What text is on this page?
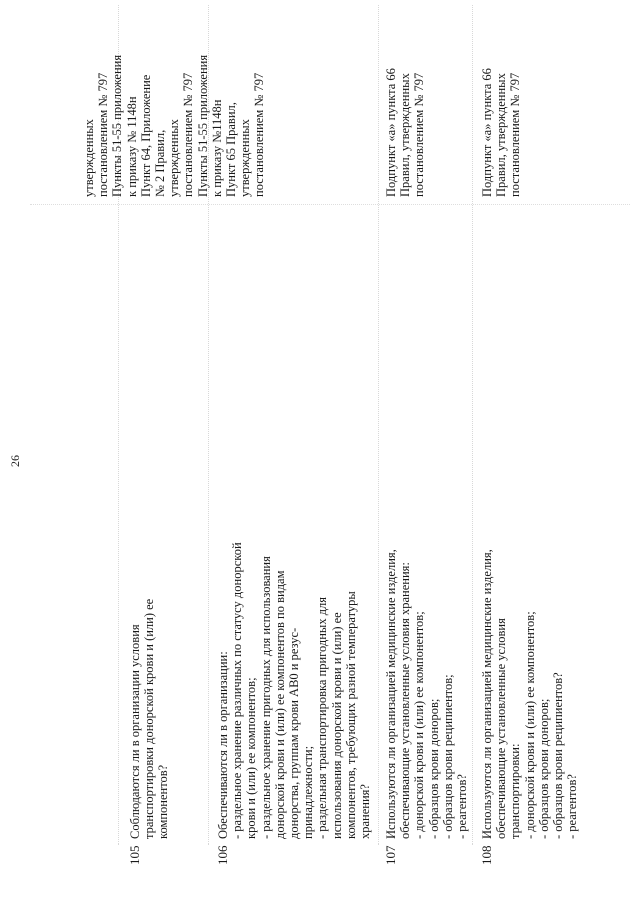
26

утвержденных постановлением № 797 Пункты 51-55 приложения к приказу № 1148н Пункт 64, Приложение № 2 Правил, утвержденных постановлением № 797 Пункты 51-55 приложения к приказу №1148н Пункт 65 Правил, утвержденных постановлением № 797
105
Соблюдаются ли в организации условия транспортировки донорской крови и (или) ее компонентов?
106
Обеспечиваются ли в организации: - раздельное хранение различных по статусу донорской крови и (или) ее компонентов; - раздельное хранение пригодных для использования донорской крови и (или) ее компонентов по видам донорства, группам крови AB0 и резус- принадлежности; - раздельная транспортировка пригодных для использования донорской крови и (или) ее компонентов, требующих разной температуры хранения?
107
Используются ли организацией медицинские изделия, обеспечивающие установленные условия хранения: - донорской крови и (или) ее компонентов; - образцов крови доноров; - образцов крови реципиентов; - реагентов?
Подпункт «а» пункта 66 Правил, утвержденных постановлением № 797
108
Используются ли организацией медицинские изделия, обеспечивающие установленные условия транспортировки: - донорской крови и (или) ее компонентов; - образцов крови доноров; - образцов крови реципиентов? - реагентов?
Подпункт «а» пункта 66 Правил, утвержденных постановлением № 797
